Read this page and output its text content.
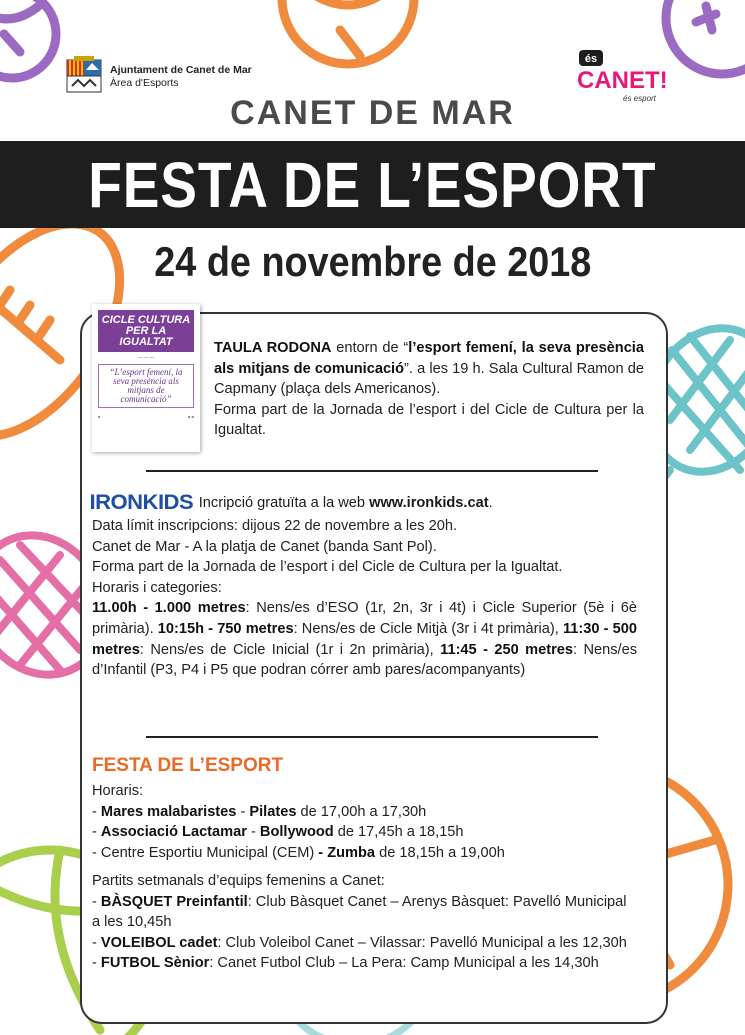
Ajuntament de Canet de Mar
Àrea d'Esports
és
CANET!
és esport
CANET DE MAR
FESTA DE L’ESPORT
24 de novembre de 2018
CICLE CULTURA
PER LA IGUALTAT
— — —
“L’esport femení, la seva presència als mitjans de comunicació”
■	■ ■
TAULA RODONA entorn de “l’esport femení, la seva presència als mitjans de comunicació”. a les 19 h. Sala Cultural Ramon de Capmany (plaça dels Americanos).
Forma part de la Jornada de l’esport i del Cicle de Cultura per la Igualtat.
IRONKIDS Incripció gratuïta a la web www.ironkids.cat.
Data límit inscripcions: dijous 22 de novembre a les 20h.
Canet de Mar - A la platja de Canet (banda Sant Pol).
Forma part de la Jornada de l’esport i del Cicle de Cultura per la Igualtat.
Horaris i categories:
11.00h - 1.000 metres: Nens/es d’ESO (1r, 2n, 3r i 4t) i Cicle Superior (5è i 6è primària). 10:15h - 750 metres: Nens/es de Cicle Mitjà (3r i 4t primària), 11:30 - 500 metres: Nens/es de Cicle Inicial (1r i 2n primària), 11:45 - 250 metres: Nens/es d’Infantil (P3, P4 i P5 que podran córrer amb pares/acompanyants)
FESTA DE L’ESPORT
Horaris:
- Mares malabaristes - Pilates de 17,00h a 17,30h
- Associació Lactamar - Bollywood de 17,45h a 18,15h
- Centre Esportiu Municipal (CEM) - Zumba de 18,15h a 19,00h
Partits setmanals d’equips femenins a Canet:
- BÀSQUET Preinfantil: Club Bàsquet Canet – Arenys Bàsquet: Pavelló Municipal a les 10,45h
- VOLEIBOL cadet: Club Voleibol Canet – Vilassar: Pavelló Municipal a les 12,30h
- FUTBOL Sènior: Canet Futbol Club – La Pera: Camp Municipal a les 14,30h
